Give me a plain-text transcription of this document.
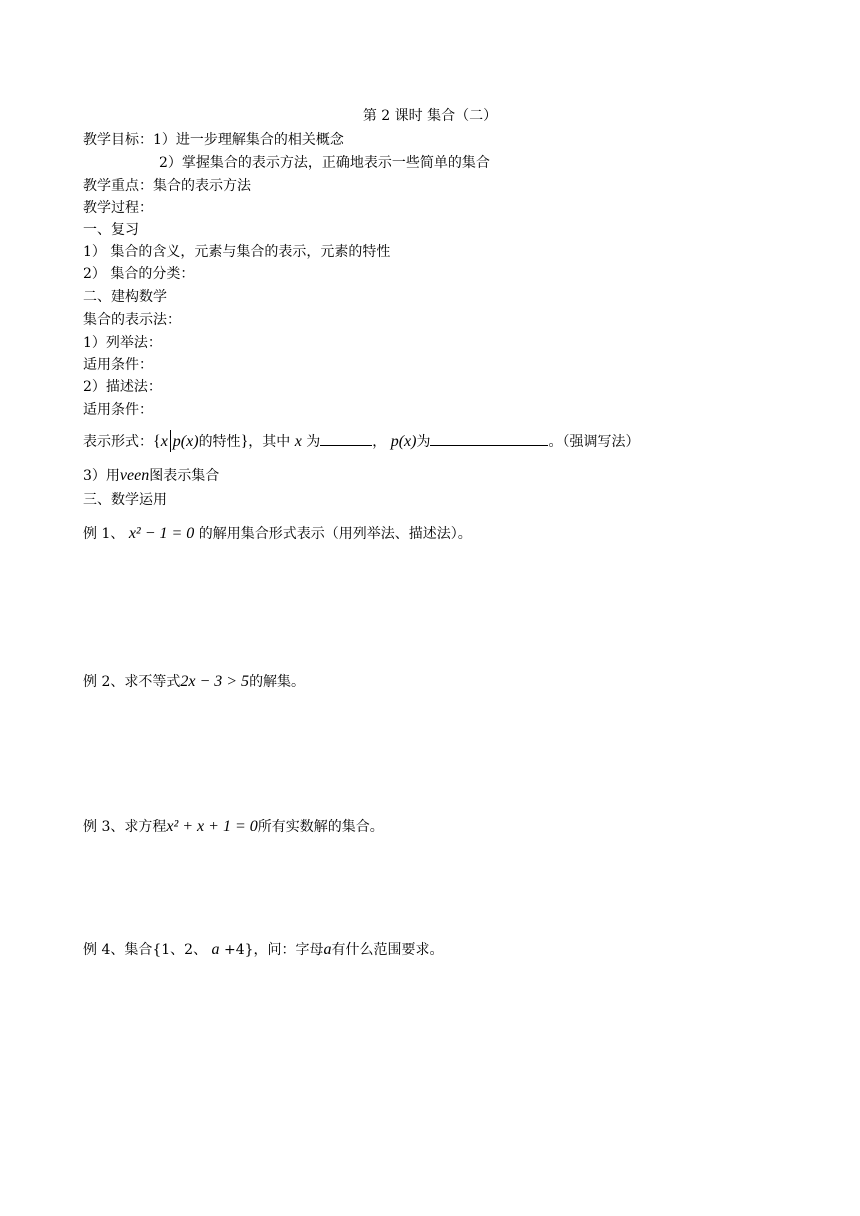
第 2 课时 集合（二）
教学目标：1）进一步理解集合的相关概念
2）掌握集合的表示方法，正确地表示一些简单的集合
教学重点：集合的表示方法
教学过程：
一、复习
1） 集合的含义，元素与集合的表示，元素的特性
2） 集合的分类：
二、建构数学
集合的表示法：
1）列举法：
适用条件：
2）描述法：
适用条件：
表示形式：{x p(x)的特性}，其中 x 为	， p(x)为	。（强调写法）
3）用veen图表示集合
三、数学运用
例 1、 x² − 1 = 0 的解用集合形式表示（用列举法、描述法）。
例 2、求不等式2x − 3 > 5的解集。
例 3、求方程x² + x + 1 = 0所有实数解的集合。
例 4、集合{1、2、 a +4}，问：字母a有什么范围要求。
